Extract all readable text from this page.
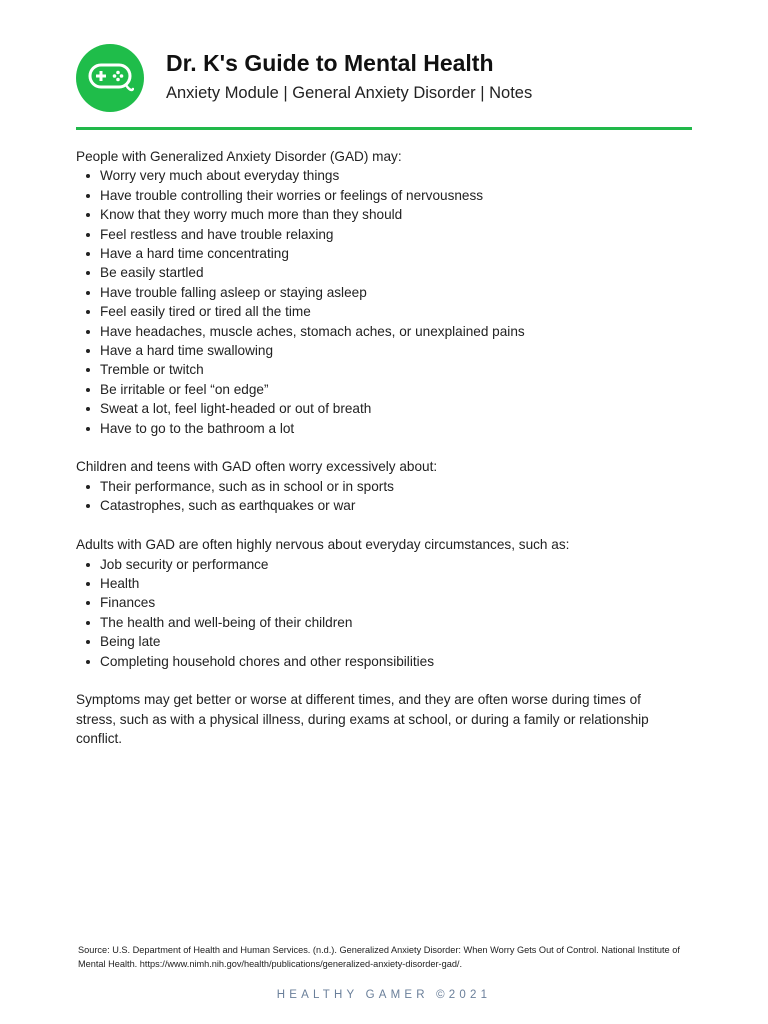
Dr. K's Guide to Mental Health
Anxiety Module | General Anxiety Disorder | Notes

People with Generalized Anxiety Disorder (GAD) may:

Worry very much about everyday things
Have trouble controlling their worries or feelings of nervousness
Know that they worry much more than they should
Feel restless and have trouble relaxing
Have a hard time concentrating
Be easily startled
Have trouble falling asleep or staying asleep
Feel easily tired or tired all the time
Have headaches, muscle aches, stomach aches, or unexplained pains
Have a hard time swallowing
Tremble or twitch
Be irritable or feel “on edge”
Sweat a lot, feel light-headed or out of breath
Have to go to the bathroom a lot

Children and teens with GAD often worry excessively about:

Their performance, such as in school or in sports
Catastrophes, such as earthquakes or war

Adults with GAD are often highly nervous about everyday circumstances, such as:

Job security or performance
Health
Finances
The health and well-being of their children
Being late
Completing household chores and other responsibilities

Symptoms may get better or worse at different times, and they are often worse during times of stress, such as with a physical illness, during exams at school, or during a family or relationship conflict.

Source: U.S. Department of Health and Human Services. (n.d.). Generalized Anxiety Disorder: When Worry Gets Out of Control. National Institute of Mental Health. https://www.nimh.nih.gov/health/publications/generalized-anxiety-disorder-gad/.
HEALTHY GAMER ©2021
